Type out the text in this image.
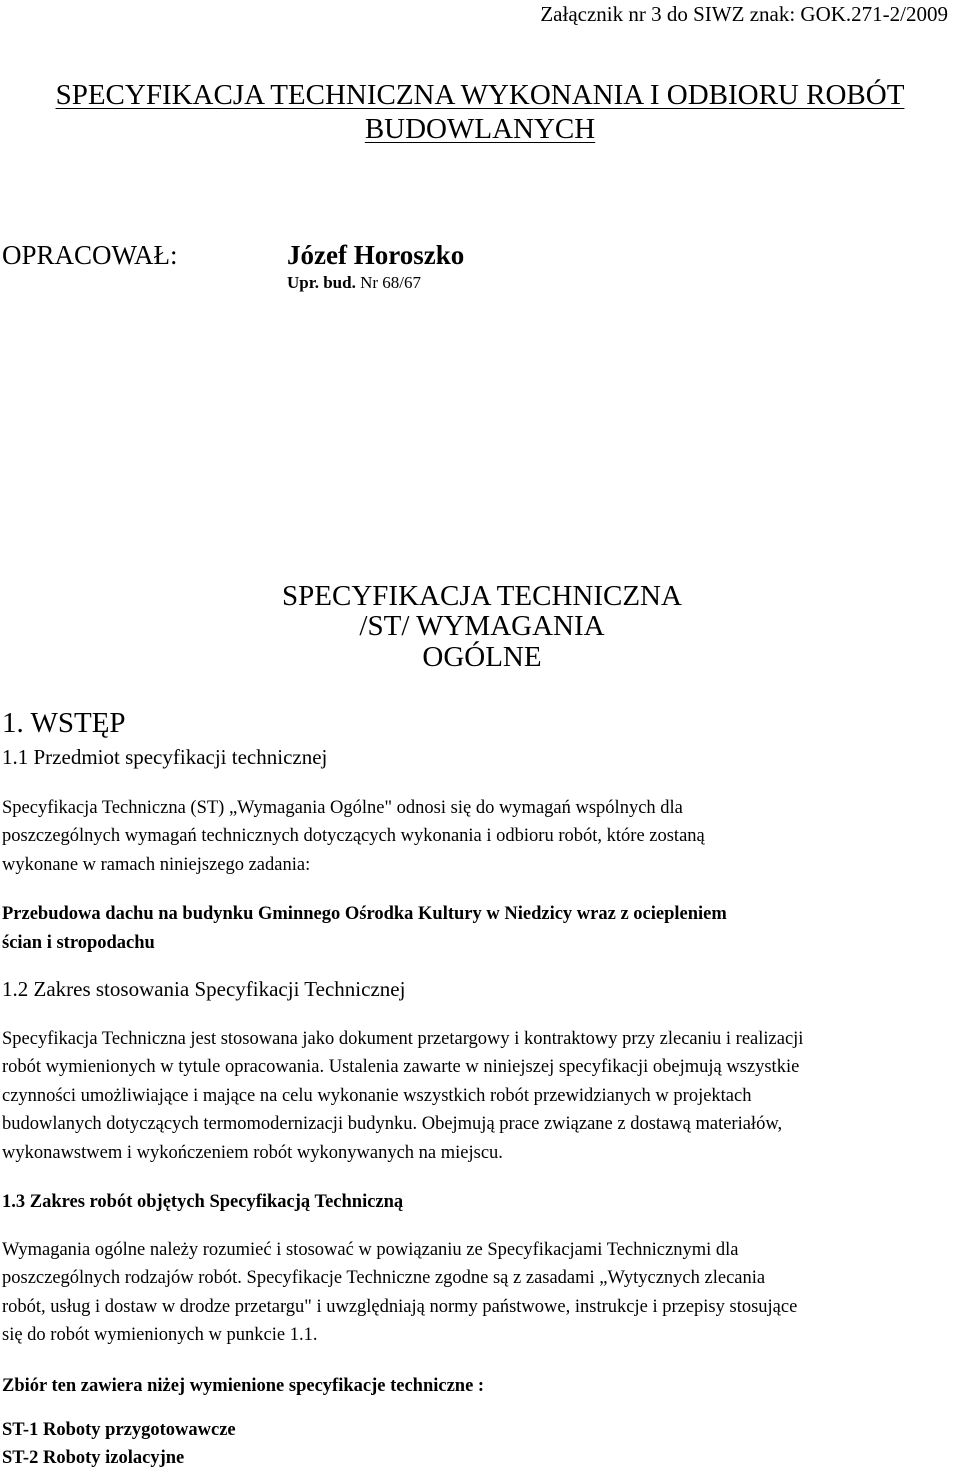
Załącznik nr 3 do SIWZ znak: GOK.271-2/2009
SPECYFIKACJA TECHNICZNA WYKONANIA I ODBIORU ROBÓT
BUDOWLANYCH
OPRACOWAŁ:	Józef Horoszko
Upr. bud. Nr 68/67
SPECYFIKACJA TECHNICZNA
/ST/ WYMAGANIA
OGÓLNE
1. WSTĘP
1.1 Przedmiot specyfikacji technicznej
Specyfikacja Techniczna (ST) „Wymagania Ogólne" odnosi się do wymagań wspólnych dla
poszczególnych wymagań technicznych dotyczących wykonania i odbioru robót, które zostaną
wykonane w ramach niniejszego zadania:
Przebudowa dachu na budynku Gminnego Ośrodka Kultury w Niedzicy wraz z ociepleniem
ścian i stropodachu
1.2 Zakres stosowania Specyfikacji Technicznej
Specyfikacja Techniczna jest stosowana jako dokument przetargowy i kontraktowy przy zlecaniu i realizacji
robót wymienionych w tytule opracowania. Ustalenia zawarte w niniejszej specyfikacji obejmują wszystkie
czynności umożliwiające i mające na celu wykonanie wszystkich robót przewidzianych w projektach
budowlanych dotyczących termomodernizacji budynku. Obejmują prace związane z dostawą materiałów,
wykonawstwem i wykończeniem robót wykonywanych na miejscu.
1.3 Zakres robót objętych Specyfikacją Techniczną
Wymagania ogólne należy rozumieć i stosować w powiązaniu ze Specyfikacjami Technicznymi dla
poszczególnych rodzajów robót. Specyfikacje Techniczne zgodne są z zasadami „Wytycznych zlecania
robót, usług i dostaw w drodze przetargu" i uwzględniają normy państwowe, instrukcje i przepisy stosujące
się do robót wymienionych w punkcie 1.1.
Zbiór ten zawiera niżej wymienione specyfikacje techniczne :
ST-1 Roboty przygotowawcze
ST-2 Roboty izolacyjne
